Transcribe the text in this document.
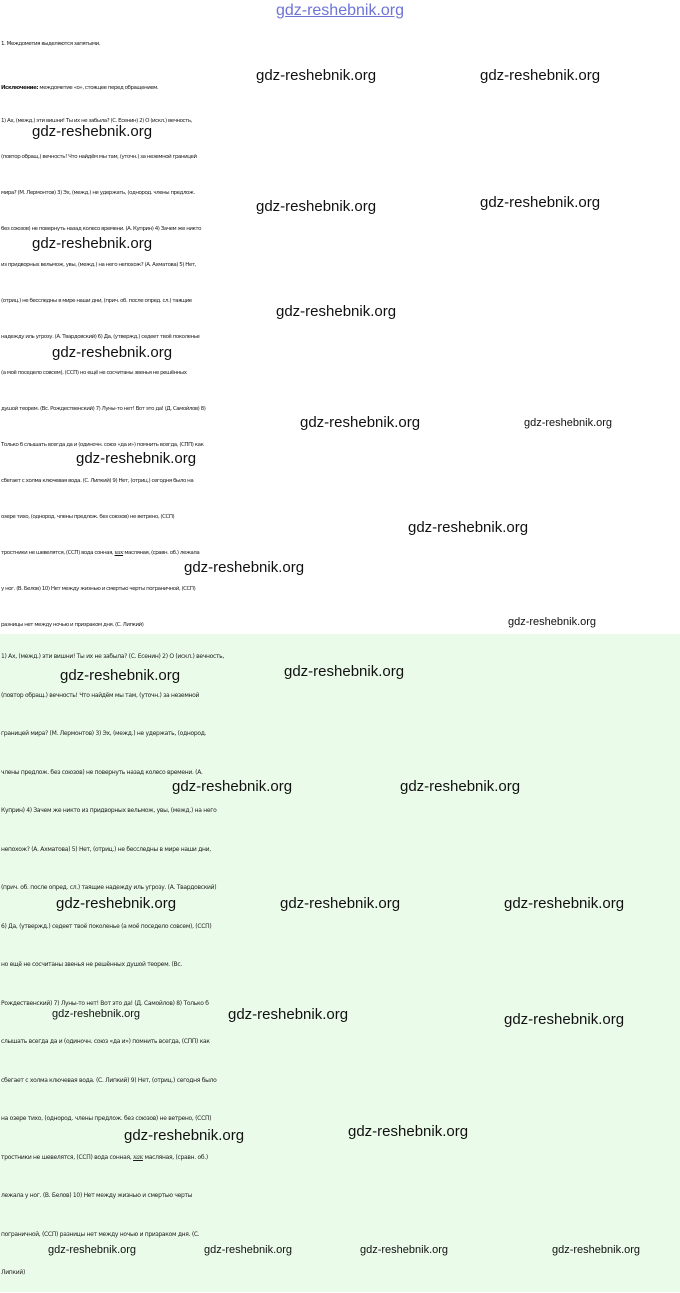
gdz-reshebnik.org

1. Междометия выделяются запятыми.

Исключение: междометие «о», стоящее перед обращением.

1) Ах, (межд.) эти вишни! Ты их не забыла? (С. Есенин) 2) О (искл.) вечность,

(повтор обращ.) вечность! Что найдём мы там, (уточн.) за неземной границей

мира? (М. Лермонтов) 3) Эх, (межд.) не удержать, (однород. члены предлож.

без союзов) не повернуть назад колесо времени. (А. Куприн) 4) Зачем же никто

из придворных вельмож, увы, (межд.) на него непохож? (А. Ахматова) 5) Нет,

(отриц.) не бесследны в мире наши дни, (прич. об. после опред. сл.) таящие

надежду иль угрозу. (А. Твардовский) 6) Да, (утвержд.) седеет твоё поколенье

(а моё поседело совсем), (ССП) но ещё не сосчитаны звенья не решённых

душой теорем. (Вс. Рождественский) 7) Луны-то нет! Вот это да! (Д. Самойлов) 8)

Только б слышать всегда да и (одиночн. союз «да и») помнить всегда, (СПП) как

сбегает с холма ключевая вода. (С. Липкий) 9) Нет, (отриц.) сегодня было на

озере тихо, (однород. члены предлож. без союзов) не ветрено, (ССП)

тростники не шевелятся, (ССП) вода сонная, как масляная, (сравн. об.) лежала

у ног. (В. Белов) 10) Нет между жизнью и смертью черты пограничной, (ССП)

разницы нет между ночью и призраком дня. (С. Липкий)

1) Ах, (межд.) эти вишни! Ты их не забыла? (С. Есенин) 2) О (искл.) вечность,

(повтор обращ.) вечность! Что найдём мы там, (уточн.) за неземной

границей мира? (М. Лермонтов) 3) Эх, (межд.) не удержать, (однород.

члены предлож. без союзов) не повернуть назад колесо времени. (А.

Куприн) 4) Зачем же никто из придворных вельмож, увы, (межд.) на него

непохож? (А. Ахматова) 5) Нет, (отриц.) не бесследны в мире наши дни,

(прич. об. после опред. сл.) таящие надежду иль угрозу. (А. Твардовский)

6) Да, (утвержд.) седеет твоё поколенье (а моё поседело совсем), (ССП)

но ещё не сосчитаны звенья не решённых душой теорем. (Вс.

Рождественский) 7) Луны-то нет! Вот это да! (Д. Самойлов) 8) Только б

слышать всегда да и (одиночн. союз «да и») помнить всегда, (СПП) как

сбегает с холма ключевая вода. (С. Липкий) 9) Нет, (отриц.) сегодня было

на озере тихо, (однород. члены предлож. без союзов) не ветрено, (ССП)

тростники не шевелятся, (ССП) вода сонная, как масляная, (сравн. об.)

лежала у ног. (В. Белов) 10) Нет между жизнью и смертью черты

пограничной, (ССП) разницы нет между ночью и призраком дня. (С.

Липкий)

gdz-reshebnik.org	gdz-reshebnik.org
gdz-reshebnik.org
gdz-reshebnik.org	gdz-reshebnik.org
gdz-reshebnik.org
gdz-reshebnik.org
gdz-reshebnik.org
gdz-reshebnik.org	gdz-reshebnik.org
gdz-reshebnik.org
gdz-reshebnik.org
gdz-reshebnik.org
gdz-reshebnik.org
gdz-reshebnik.org
gdz-reshebnik.org
gdz-reshebnik.org	gdz-reshebnik.org
gdz-reshebnik.org	gdz-reshebnik.org	gdz-reshebnik.org
gdz-reshebnik.org	gdz-reshebnik.org	gdz-reshebnik.org
gdz-reshebnik.org
gdz-reshebnik.org
gdz-reshebnik.org	gdz-reshebnik.org	gdz-reshebnik.org	gdz-reshebnik.org
